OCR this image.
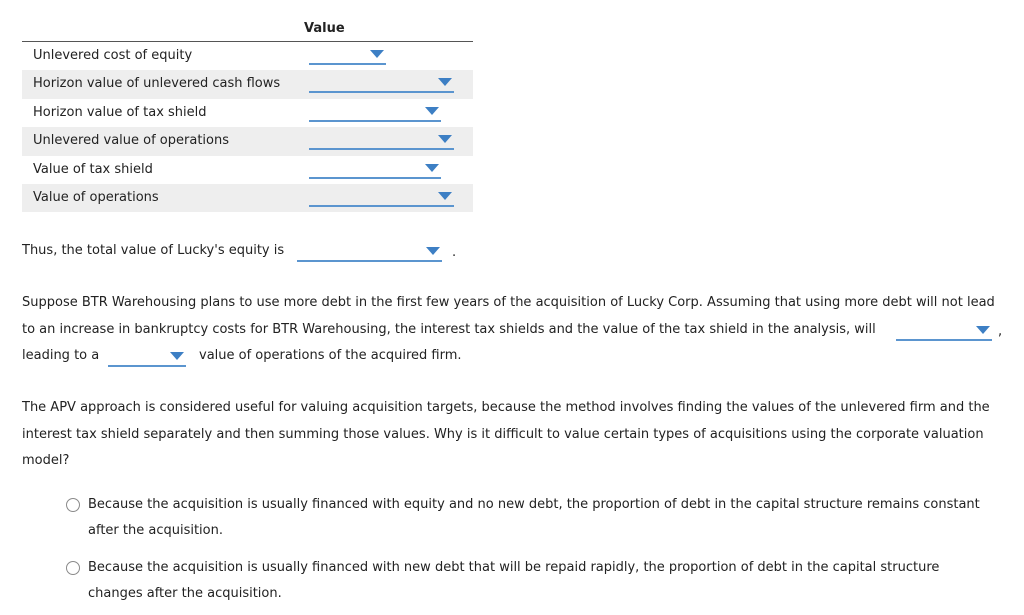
Value
Unlevered cost of equity
Horizon value of unlevered cash flows
Horizon value of tax shield
Unlevered value of operations
Value of tax shield
Value of operations
Thus, the total value of Lucky's equity is	.
Suppose BTR Warehousing plans to use more debt in the first few years of the acquisition of Lucky Corp. Assuming that using more debt will not lead
to an increase in bankruptcy costs for BTR Warehousing, the interest tax shields and the value of the tax shield in the analysis, will	,
leading to a	value of operations of the acquired firm.
The APV approach is considered useful for valuing acquisition targets, because the method involves finding the values of the unlevered firm and the
interest tax shield separately and then summing those values. Why is it difficult to value certain types of acquisitions using the corporate valuation
model?
Because the acquisition is usually financed with equity and no new debt, the proportion of debt in the capital structure remains constant
after the acquisition.
Because the acquisition is usually financed with new debt that will be repaid rapidly, the proportion of debt in the capital structure
changes after the acquisition.
